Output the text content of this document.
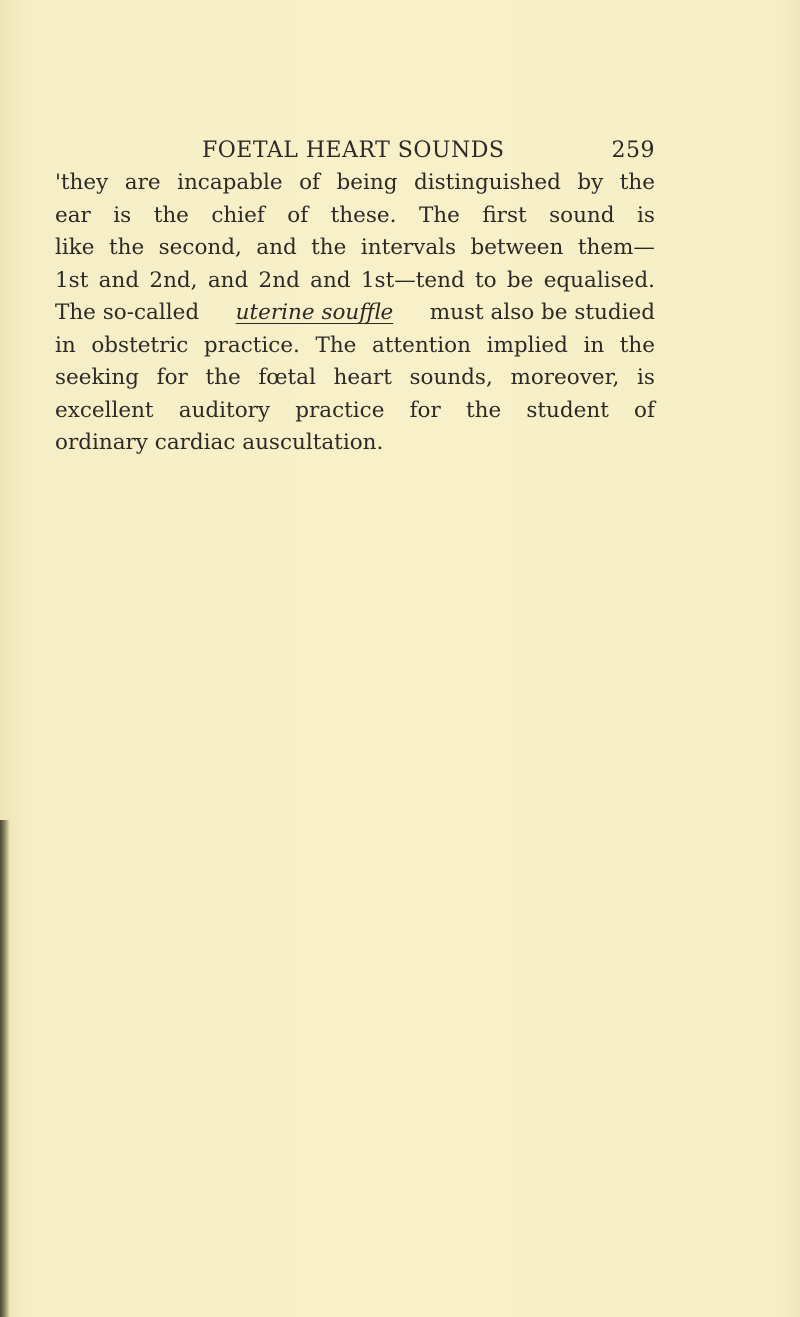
FOETAL HEART SOUNDS	259
'they are incapable of being distinguished by the
ear is the chief of these. The first sound is
like the second, and the intervals between them—
1st and 2nd, and 2nd and 1st—tend to be equalised.
The so-called uterine souffle must also be studied
in obstetric practice. The attention implied in the
seeking for the fœtal heart sounds, moreover, is
excellent auditory practice for the student of
ordinary cardiac auscultation.
